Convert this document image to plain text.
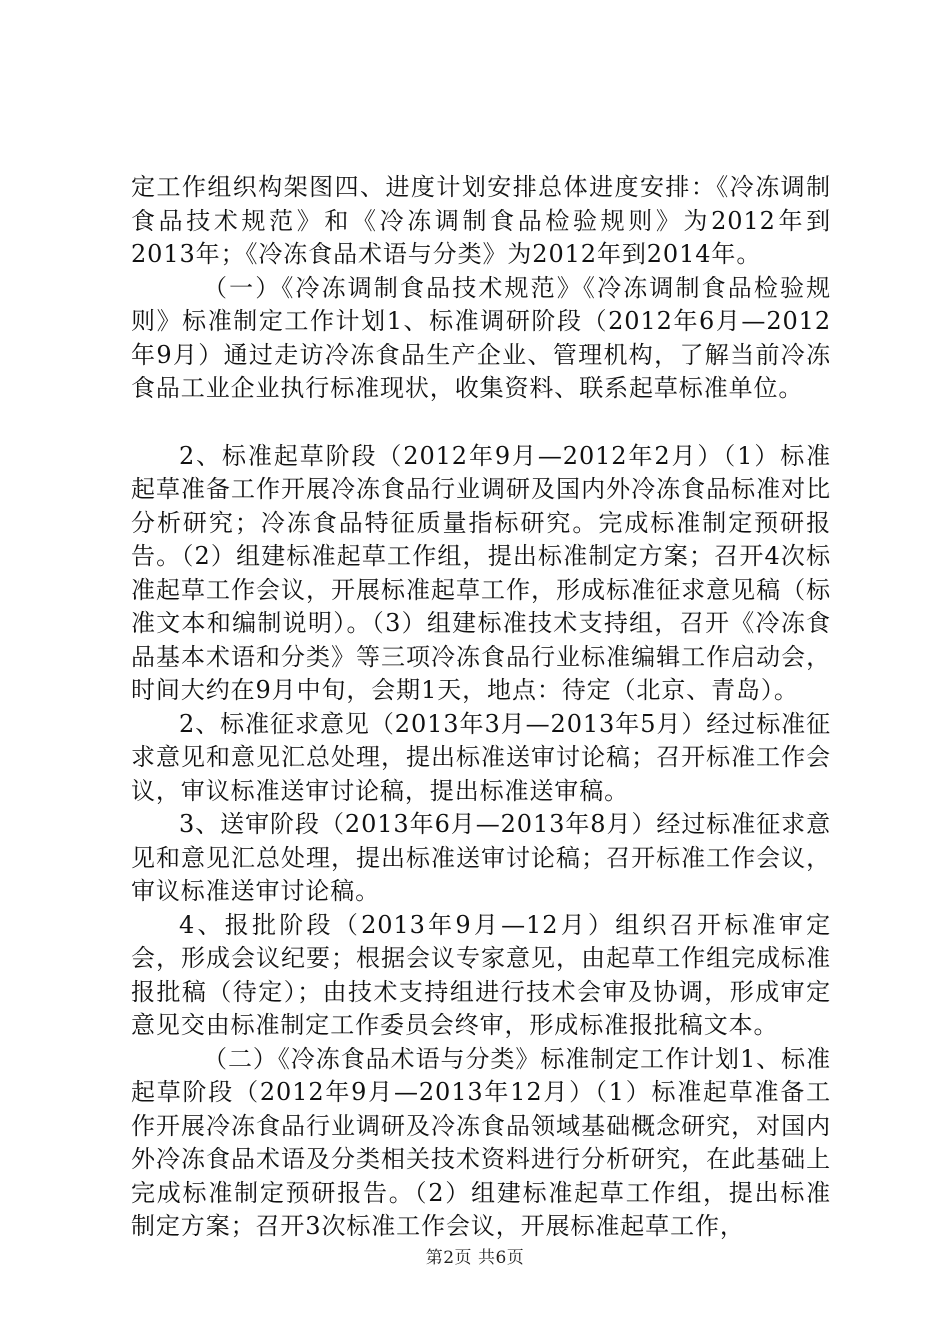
定工作组织构架图四、进度计划安排总体进度安排：《冷冻调制食品技术规范》和《冷冻调制食品检验规则》为2012年到2013年；《冷冻食品术语与分类》为2012年到2014年。

（一）《冷冻调制食品技术规范》《冷冻调制食品检验规则》标准制定工作计划1、标准调研阶段（2012年6月—2012年9月）通过走访冷冻食品生产企业、管理机构，了解当前冷冻食品工业企业执行标准现状，收集资料、联系起草标准单位。

2、标准起草阶段（2012年9月—2012年2月）（1）标准起草准备工作开展冷冻食品行业调研及国内外冷冻食品标准对比分析研究；冷冻食品特征质量指标研究。完成标准制定预研报告。（2）组建标准起草工作组，提出标准制定方案；召开4次标准起草工作会议，开展标准起草工作，形成标准征求意见稿（标准文本和编制说明）。（3）组建标准技术支持组，召开《冷冻食品基本术语和分类》等三项冷冻食品行业标准编辑工作启动会，时间大约在9月中旬，会期1天，地点：待定（北京、青岛）。

2、标准征求意见（2013年3月—2013年5月）经过标准征求意见和意见汇总处理，提出标准送审讨论稿；召开标准工作会议，审议标准送审讨论稿，提出标准送审稿。

3、送审阶段（2013年6月—2013年8月）经过标准征求意见和意见汇总处理，提出标准送审讨论稿；召开标准工作会议，审议标准送审讨论稿。

4、报批阶段（2013年9月—12月）组织召开标准审定会，形成会议纪要；根据会议专家意见，由起草工作组完成标准报批稿（待定）；由技术支持组进行技术会审及协调，形成审定意见交由标准制定工作委员会终审，形成标准报批稿文本。

（二）《冷冻食品术语与分类》标准制定工作计划1、标准起草阶段（2012年9月—2013年12月）（1）标准起草准备工作开展冷冻食品行业调研及冷冻食品领域基础概念研究，对国内外冷冻食品术语及分类相关技术资料进行分析研究，在此基础上完成标准制定预研报告。（2）组建标准起草工作组，提出标准制定方案；召开3次标准工作会议，开展标准起草工作，

第2页 共6页
